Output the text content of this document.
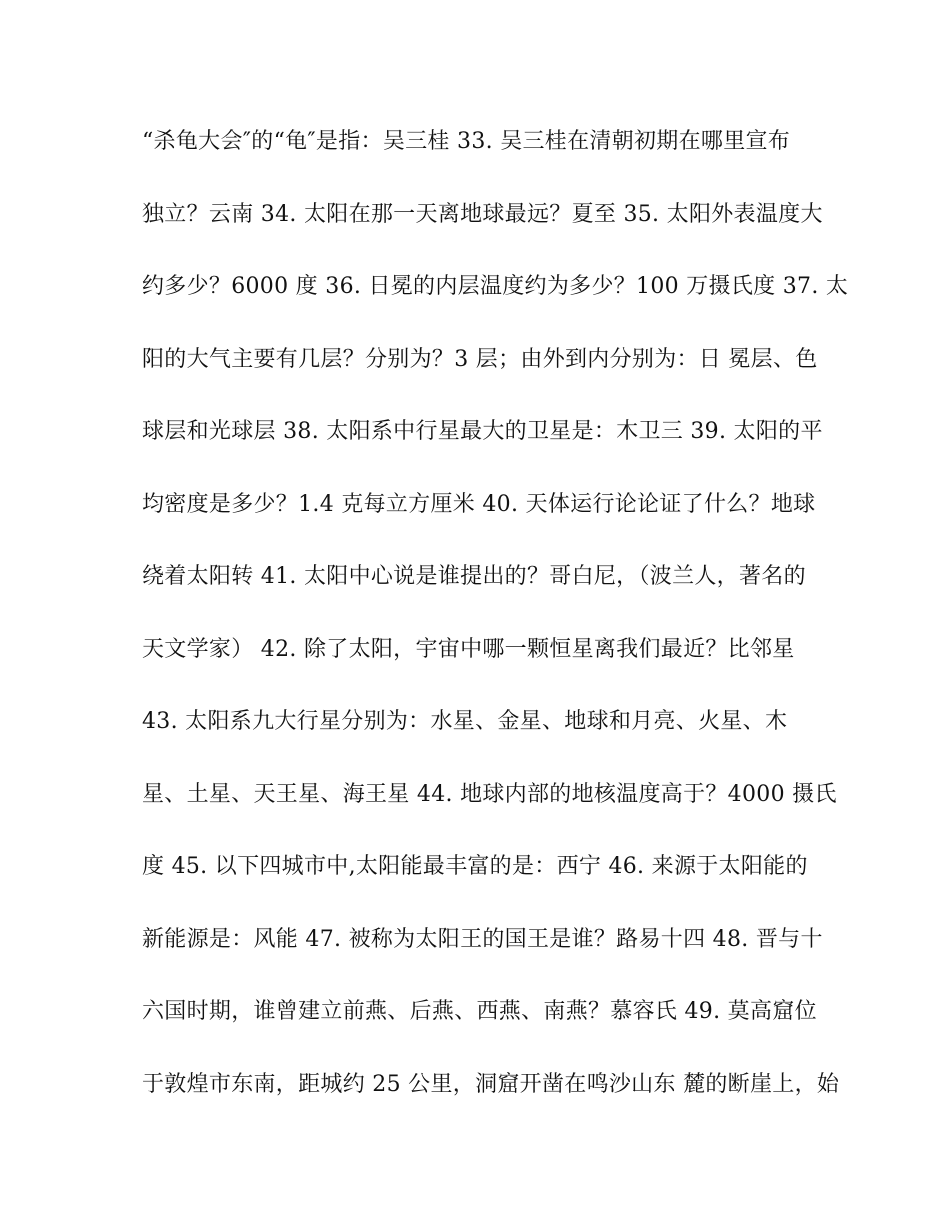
“杀龟大会″的“龟″是指：吴三桂 33. 吴三桂在清朝初期在哪里宣布
独立？云南 34. 太阳在那一天离地球最远？夏至 35. 太阳外表温度大
约多少？6000 度 36. 日冕的内层温度约为多少？100 万摄氏度 37. 太
阳的大气主要有几层？分别为？3 层；由外到内分别为：日 冕层、色
球层和光球层 38. 太阳系中行星最大的卫星是：木卫三 39. 太阳的平
均密度是多少？1.4 克每立方厘米 40. 天体运行论论证了什么？地球
绕着太阳转 41. 太阳中心说是谁提出的？哥白尼，（波兰人，著名的
天文学家） 42. 除了太阳，宇宙中哪一颗恒星离我们最近？比邻星
43. 太阳系九大行星分别为：水星、金星、地球和月亮、火星、木
星、土星、天王星、海王星 44. 地球内部的地核温度高于？4000 摄氏
度 45. 以下四城市中,太阳能最丰富的是：西宁 46. 来源于太阳能的
新能源是：风能 47. 被称为太阳王的国王是谁？路易十四 48. 晋与十
六国时期，谁曾建立前燕、后燕、西燕、南燕？慕容氏 49. 莫高窟位
于敦煌市东南，距城约 25 公里，洞窟开凿在鸣沙山东 麓的断崖上，始
